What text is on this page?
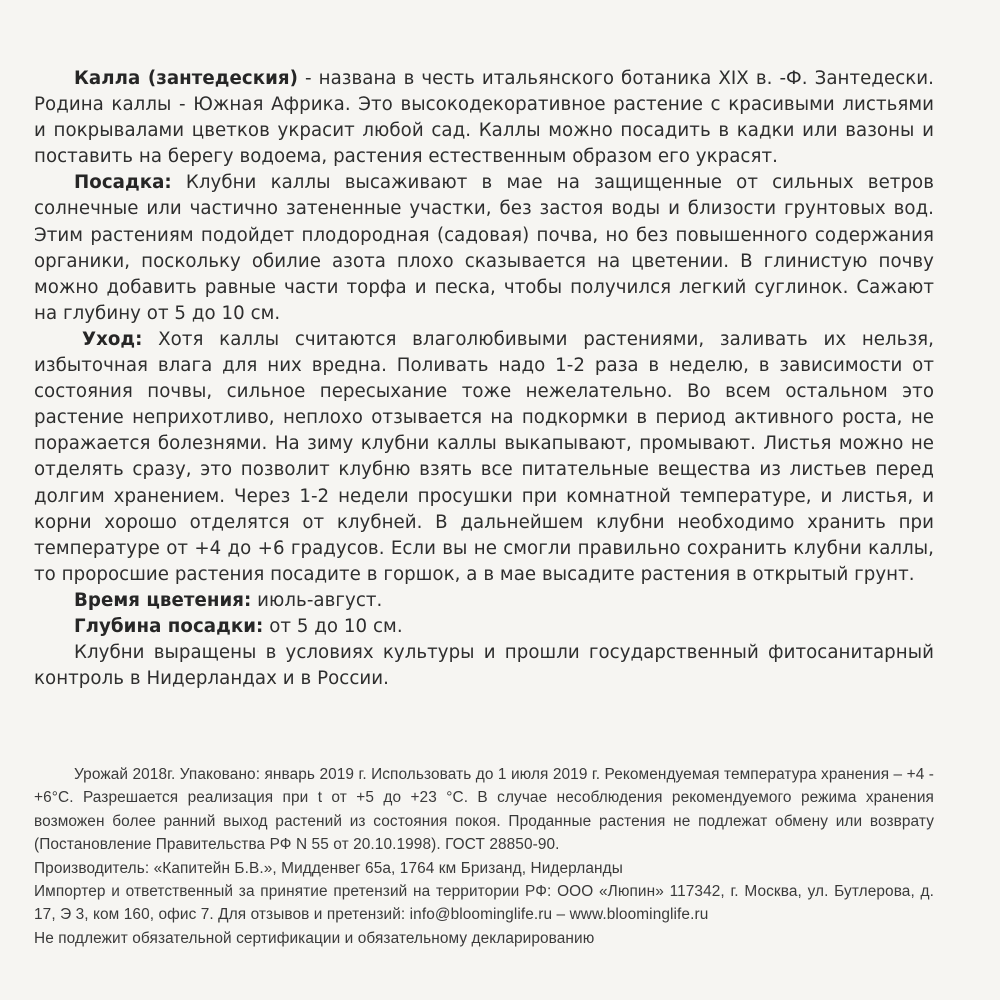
Калла (зантедеския) - названа в честь итальянского ботаника XIX в. -Ф. Зантедески. Родина каллы - Южная Африка. Это высокодекоративное растение с красивыми листьями и покрывалами цветков украсит любой сад. Каллы можно посадить в кадки или вазоны и поставить на берегу водоема, растения естественным образом его украсят.

Посадка: Клубни каллы высаживают в мае на защищенные от сильных ветров солнечные или частично затененные участки, без застоя воды и близости грунтовых вод. Этим растениям подойдет плодородная (садовая) почва, но без повышенного содержания органики, поскольку обилие азота плохо сказывается на цветении. В глинистую почву можно добавить равные части торфа и песка, чтобы получился легкий суглинок. Сажают на глубину от 5 до 10 см.

Уход: Хотя каллы считаются влаголюбивыми растениями, заливать их нельзя, избыточная влага для них вредна. Поливать надо 1-2 раза в неделю, в зависимости от состояния почвы, сильное пересыхание тоже нежелательно. Во всем остальном это растение неприхотливо, неплохо отзывается на подкормки в период активного роста, не поражается болезнями. На зиму клубни каллы выкапывают, промывают. Листья можно не отделять сразу, это позволит клубню взять все питательные вещества из листьев перед долгим хранением. Через 1-2 недели просушки при комнатной температуре, и листья, и корни хорошо отделятся от клубней. В дальнейшем клубни необходимо хранить при температуре от +4 до +6 градусов. Если вы не смогли правильно сохранить клубни каллы, то проросшие растения посадите в горшок, а в мае высадите растения в открытый грунт.

Время цветения: июль-август.

Глубина посадки: от 5 до 10 см.

Клубни выращены в условиях культуры и прошли государственный фитосанитарный контроль в Нидерландах и в России.

Урожай 2018г. Упаковано: январь 2019 г. Использовать до 1 июля 2019 г. Рекомендуемая температура хранения – +4 - +6°С. Разрешается реализация при t от +5 до +23 °С. В случае несоблюдения рекомендуемого режима хранения возможен более ранний выход растений из состояния покоя. Проданные растения не подлежат обмену или возврату (Постановление Правительства РФ N 55 от 20.10.1998). ГОСТ 28850-90.

Производитель: «Капитейн Б.В.», Мидденвег 65а, 1764 км Бризанд, Нидерланды

Импортер и ответственный за принятие претензий на территории РФ: ООО «Люпин» 117342, г. Москва, ул. Бутлерова, д. 17, Э 3, ком 160, офис 7. Для отзывов и претензий: info@bloominglife.ru – www.bloominglife.ru

Не подлежит обязательной сертификации и обязательному декларированию
